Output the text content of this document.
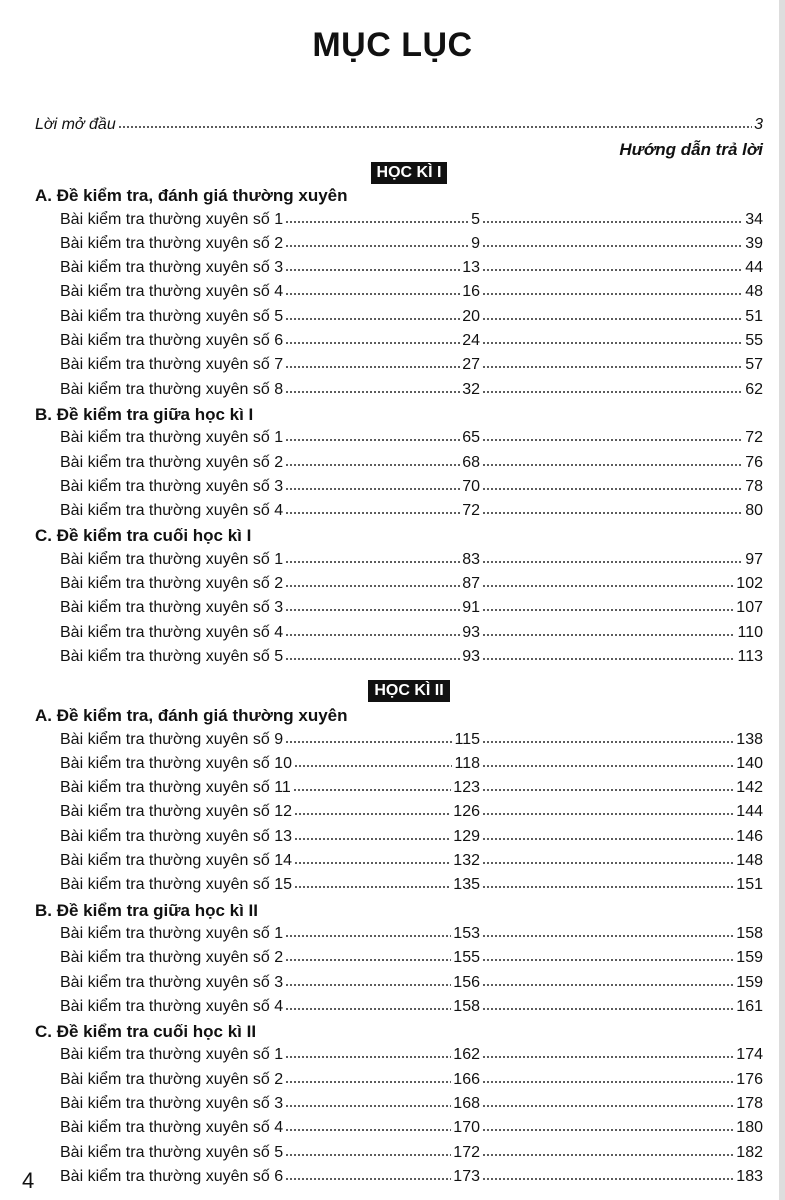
MỤC LỤC
Lời mở đầu	3
Hướng dẫn trả lời
HỌC KÌ I
A. Đề kiểm tra, đánh giá thường xuyên
Bài kiểm tra thường xuyên số 1	5	34
Bài kiểm tra thường xuyên số 2	9	39
Bài kiểm tra thường xuyên số 3	13	44
Bài kiểm tra thường xuyên số 4	16	48
Bài kiểm tra thường xuyên số 5	20	51
Bài kiểm tra thường xuyên số 6	24	55
Bài kiểm tra thường xuyên số 7	27	57
Bài kiểm tra thường xuyên số 8	32	62
B. Đề kiểm tra giữa học kì I
Bài kiểm tra thường xuyên số 1	65	72
Bài kiểm tra thường xuyên số 2	68	76
Bài kiểm tra thường xuyên số 3	70	78
Bài kiểm tra thường xuyên số 4	72	80
C. Đề kiểm tra cuối học kì I
Bài kiểm tra thường xuyên số 1	83	97
Bài kiểm tra thường xuyên số 2	87	102
Bài kiểm tra thường xuyên số 3	91	107
Bài kiểm tra thường xuyên số 4	93	110
Bài kiểm tra thường xuyên số 5	93	113
HỌC KÌ II
A. Đề kiểm tra, đánh giá thường xuyên
Bài kiểm tra thường xuyên số 9	115	138
Bài kiểm tra thường xuyên số 10	118	140
Bài kiểm tra thường xuyên số 11	123	142
Bài kiểm tra thường xuyên số 12	126	144
Bài kiểm tra thường xuyên số 13	129	146
Bài kiểm tra thường xuyên số 14	132	148
Bài kiểm tra thường xuyên số 15	135	151
B. Đề kiểm tra giữa học kì II
Bài kiểm tra thường xuyên số 1	153	158
Bài kiểm tra thường xuyên số 2	155	159
Bài kiểm tra thường xuyên số 3	156	159
Bài kiểm tra thường xuyên số 4	158	161
C. Đề kiểm tra cuối học kì II
Bài kiểm tra thường xuyên số 1	162	174
Bài kiểm tra thường xuyên số 2	166	176
Bài kiểm tra thường xuyên số 3	168	178
Bài kiểm tra thường xuyên số 4	170	180
Bài kiểm tra thường xuyên số 5	172	182
Bài kiểm tra thường xuyên số 6	173	183
4
